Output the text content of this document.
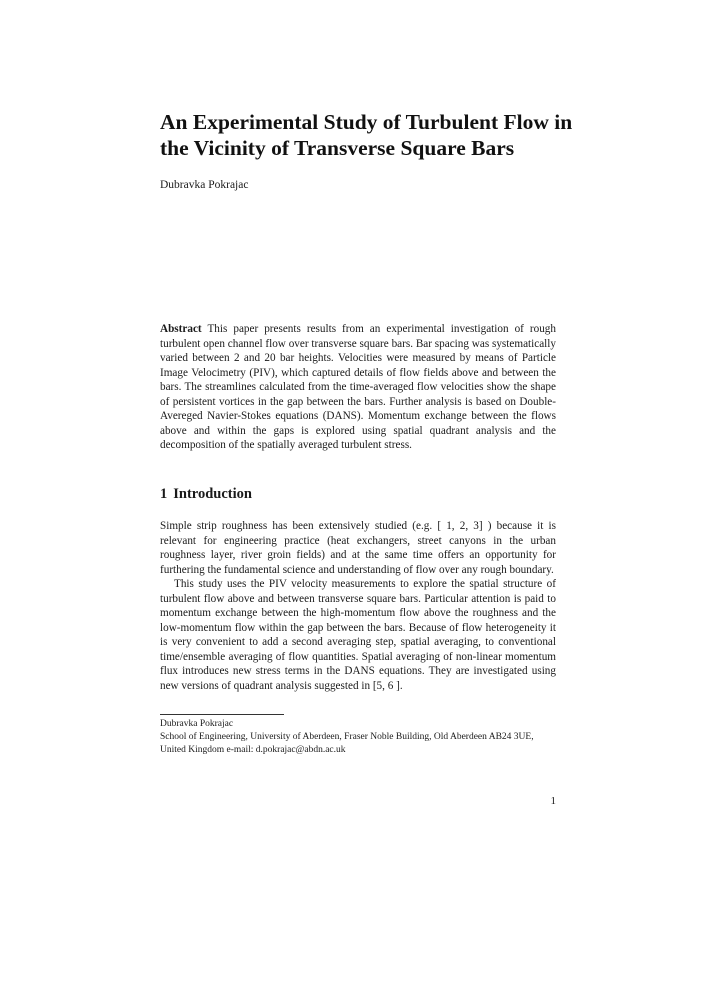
An Experimental Study of Turbulent Flow in the Vicinity of Transverse Square Bars

Dubravka Pokrajac

Abstract This paper presents results from an experimental investigation of rough turbulent open channel flow over transverse square bars. Bar spacing was systematically varied between 2 and 20 bar heights. Velocities were measured by means of Particle Image Velocimetry (PIV), which captured details of flow fields above and between the bars. The streamlines calculated from the time-averaged flow velocities show the shape of persistent vortices in the gap between the bars. Further analysis is based on Double-Avereged Navier-Stokes equations (DANS). Momentum exchange between the flows above and within the gaps is explored using spatial quadrant analysis and the decomposition of the spatially averaged turbulent stress.

1 Introduction

Simple strip roughness has been extensively studied (e.g. [ 1, 2, 3] ) because it is relevant for engineering practice (heat exchangers, street canyons in the urban roughness layer, river groin fields) and at the same time offers an opportunity for furthering the fundamental science and understanding of flow over any rough boundary.

This study uses the PIV velocity measurements to explore the spatial structure of turbulent flow above and between transverse square bars. Particular attention is paid to momentum exchange between the high-momentum flow above the roughness and the low-momentum flow within the gap between the bars. Because of flow heterogeneity it is very convenient to add a second averaging step, spatial averaging, to conventional time/ensemble averaging of flow quantities. Spatial averaging of non-linear momentum flux introduces new stress terms in the DANS equations. They are investigated using new versions of quadrant analysis suggested in [5, 6 ].

Dubravka Pokrajac

School of Engineering, University of Aberdeen, Fraser Noble Building, Old Aberdeen AB24 3UE, United Kingdom e-mail: d.pokrajac@abdn.ac.uk

1
